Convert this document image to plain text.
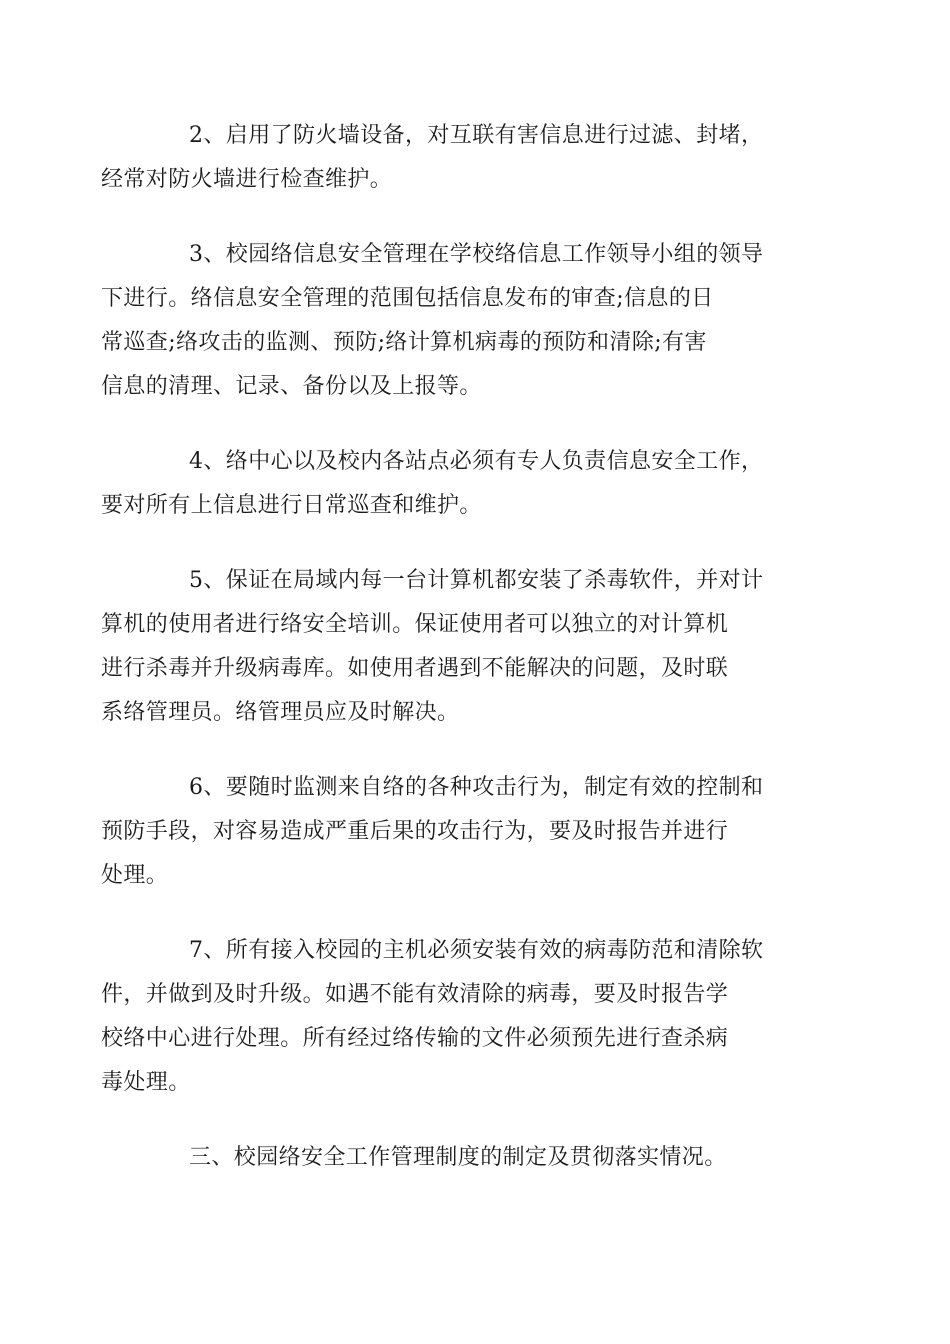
2、启用了防火墙设备，对互联有害信息进行过滤、封堵，
经常对防火墙进行检查维护。

3、校园络信息安全管理在学校络信息工作领导小组的领导
下进行。络信息安全管理的范围包括信息发布的审查;信息的日
常巡查;络攻击的监测、预防;络计算机病毒的预防和清除;有害
信息的清理、记录、备份以及上报等。

4、络中心以及校内各站点必须有专人负责信息安全工作，
要对所有上信息进行日常巡查和维护。

5、保证在局域内每一台计算机都安装了杀毒软件，并对计
算机的使用者进行络安全培训。保证使用者可以独立的对计算机
进行杀毒并升级病毒库。如使用者遇到不能解决的问题，及时联
系络管理员。络管理员应及时解决。

6、要随时监测来自络的各种攻击行为，制定有效的控制和
预防手段，对容易造成严重后果的攻击行为，要及时报告并进行
处理。

7、所有接入校园的主机必须安装有效的病毒防范和清除软
件，并做到及时升级。如遇不能有效清除的病毒，要及时报告学
校络中心进行处理。所有经过络传输的文件必须预先进行查杀病
毒处理。

三、校园络安全工作管理制度的制定及贯彻落实情况。
